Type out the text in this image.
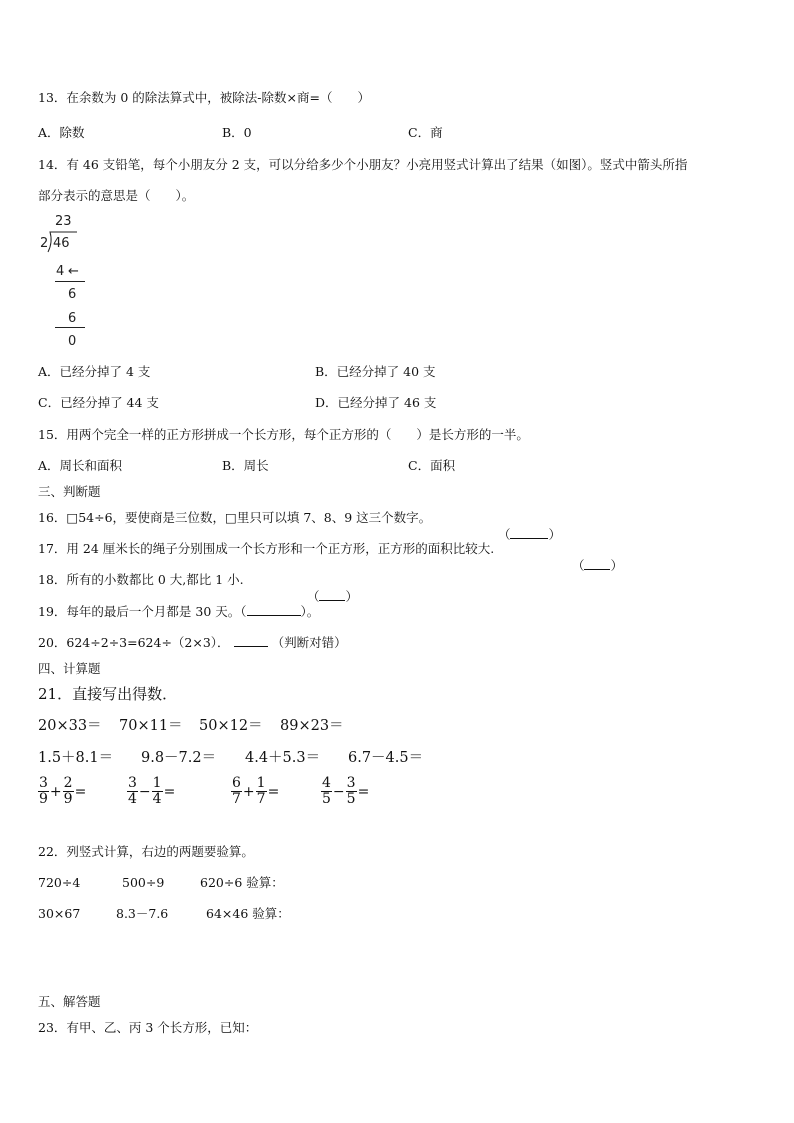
13．在余数为 0 的除法算式中，被除法-除数×商=（　　）
A．除数	B．0	C．商
14．有 46 支铅笔，每个小朋友分 2 支，可以分给多少个小朋友？小亮用竖式计算出了结果（如图）。竖式中箭头所指
部分表示的意思是（　　）。
23
2 46
4 ←
6
6
0
A．已经分掉了 4 支	B．已经分掉了 40 支
C．已经分掉了 44 支	D．已经分掉了 46 支
15．用两个完全一样的正方形拼成一个长方形，每个正方形的（　　）是长方形的一半。
A．周长和面积	B．周长	C．面积
三、判断题
16．□54÷6，要使商是三位数，□里只可以填 7、8、9 这三个数字。

（	）

17．用 24 厘米长的绳子分别围成一个长方形和一个正方形，正方形的面积比较大.

（ ）

18．所有的小数都比 0 大,都比 1 小.

（ ）

19．每年的最后一个月都是 30 天。（	）。
20．624÷2÷3=624÷（2×3）．	（判断对错）
四、计算题
21．直接写出得数．
20×33＝ 70×11＝ 50×12＝ 89×23＝
1.5＋8.1＝ 9.8－7.2＝ 4.4＋5.3＝ 6.7－4.5＝
$\frac{3}{9} + \frac{2}{9}$ =	$\frac{3}{4} - \frac{1}{4}$ =	$\frac{6}{7} + \frac{1}{7}$ =	$\frac{4}{5} - \frac{3}{5}$ =
22．列竖式计算，右边的两题要验算。
720÷4	500÷9	620÷6 验算：
30×67	8.3－7.6	64×46 验算：
五、解答题
23．有甲、乙、丙 3 个长方形，已知：
